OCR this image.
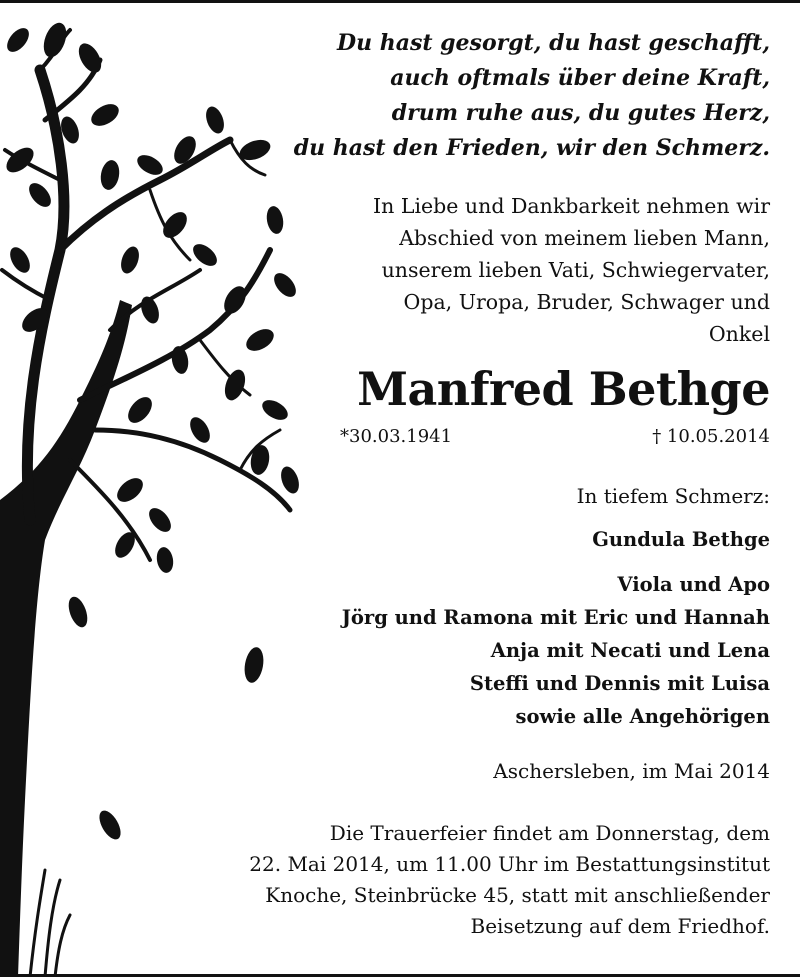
Du hast gesorgt, du hast geschafft,
auch oftmals über deine Kraft,
drum ruhe aus, du gutes Herz,
du hast den Frieden, wir den Schmerz.
In Liebe und Dankbarkeit nehmen wir
Abschied von meinem lieben Mann,
unserem lieben Vati, Schwiegervater,
Opa, Uropa, Bruder, Schwager und
Onkel
Manfred Bethge
*30.03.1941	† 10.05.2014
In tiefem Schmerz:
Gundula Bethge
Viola und Apo
Jörg und Ramona mit Eric und Hannah
Anja mit Necati und Lena
Steffi und Dennis mit Luisa
sowie alle Angehörigen
Aschersleben, im Mai 2014
Die Trauerfeier findet am Donnerstag, dem
22. Mai 2014, um 11.00 Uhr im Bestattungsinstitut
Knoche, Steinbrücke 45, statt mit anschließender
Beisetzung auf dem Friedhof.
